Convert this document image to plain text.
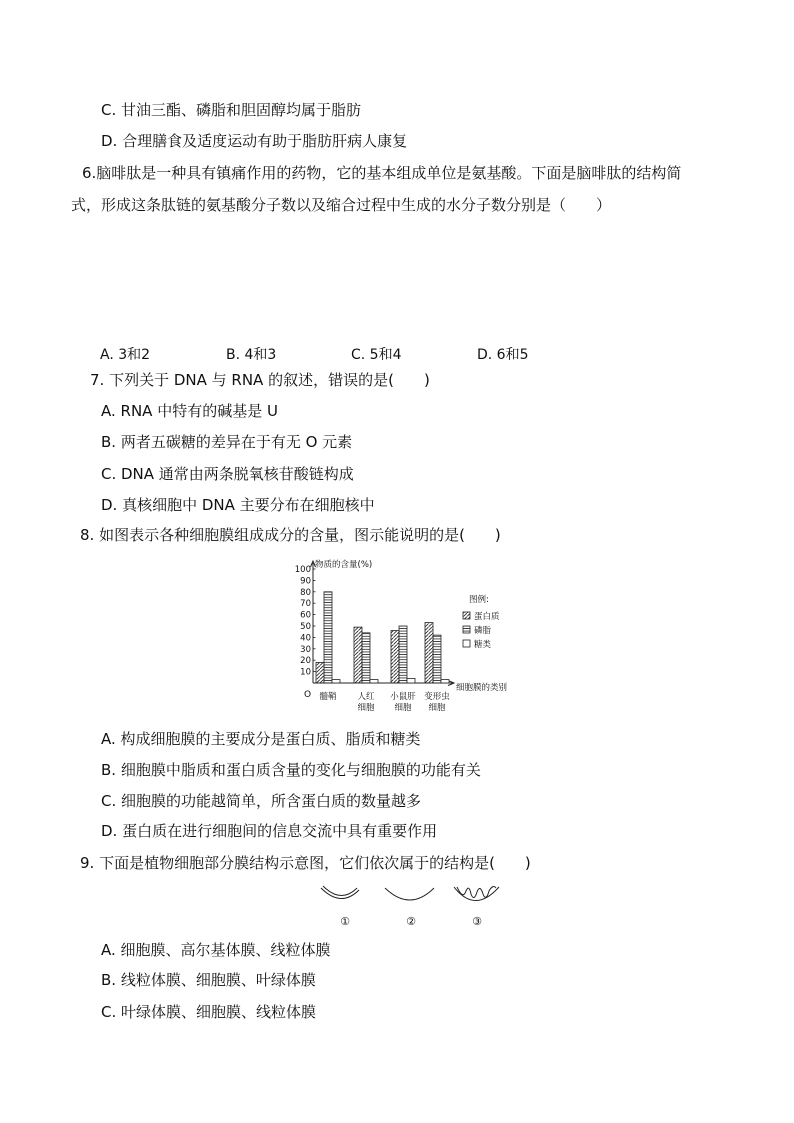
C. 甘油三酯、磷脂和胆固醇均属于脂肪
D. 合理膳食及适度运动有助于脂肪肝病人康复
6.脑啡肽是一种具有镇痛作用的药物，它的基本组成单位是氨基酸。下面是脑啡肽的结构简
式，形成这条肽链的氨基酸分子数以及缩合过程中生成的水分子数分别是（　　）
A. 3和2	B. 4和3	C. 5和4	D. 6和5
7. 下列关于 DNA 与 RNA 的叙述，错误的是(　　)
A. RNA 中特有的碱基是 U
B. 两者五碳糖的差异在于有无 O 元素
C. DNA 通常由两条脱氧核苷酸链构成
D. 真核细胞中 DNA 主要分布在细胞核中
8. 如图表示各种细胞膜组成成分的含量，图示能说明的是(　　)
物质的含量(%)
细胞膜的类别
O
10
20
30
40
50
60
70
80
90
100
髓鞘 人红
细胞
小鼠肝
细胞
变形虫
细胞
图例:
蛋白质
磷脂
糖类
A. 构成细胞膜的主要成分是蛋白质、脂质和糖类
B. 细胞膜中脂质和蛋白质含量的变化与细胞膜的功能有关
C. 细胞膜的功能越简单，所含蛋白质的数量越多
D. 蛋白质在进行细胞间的信息交流中具有重要作用
9. 下面是植物细胞部分膜结构示意图，它们依次属于的结构是(　　)
①	②	③
A. 细胞膜、高尔基体膜、线粒体膜
B. 线粒体膜、细胞膜、叶绿体膜
C. 叶绿体膜、细胞膜、线粒体膜
